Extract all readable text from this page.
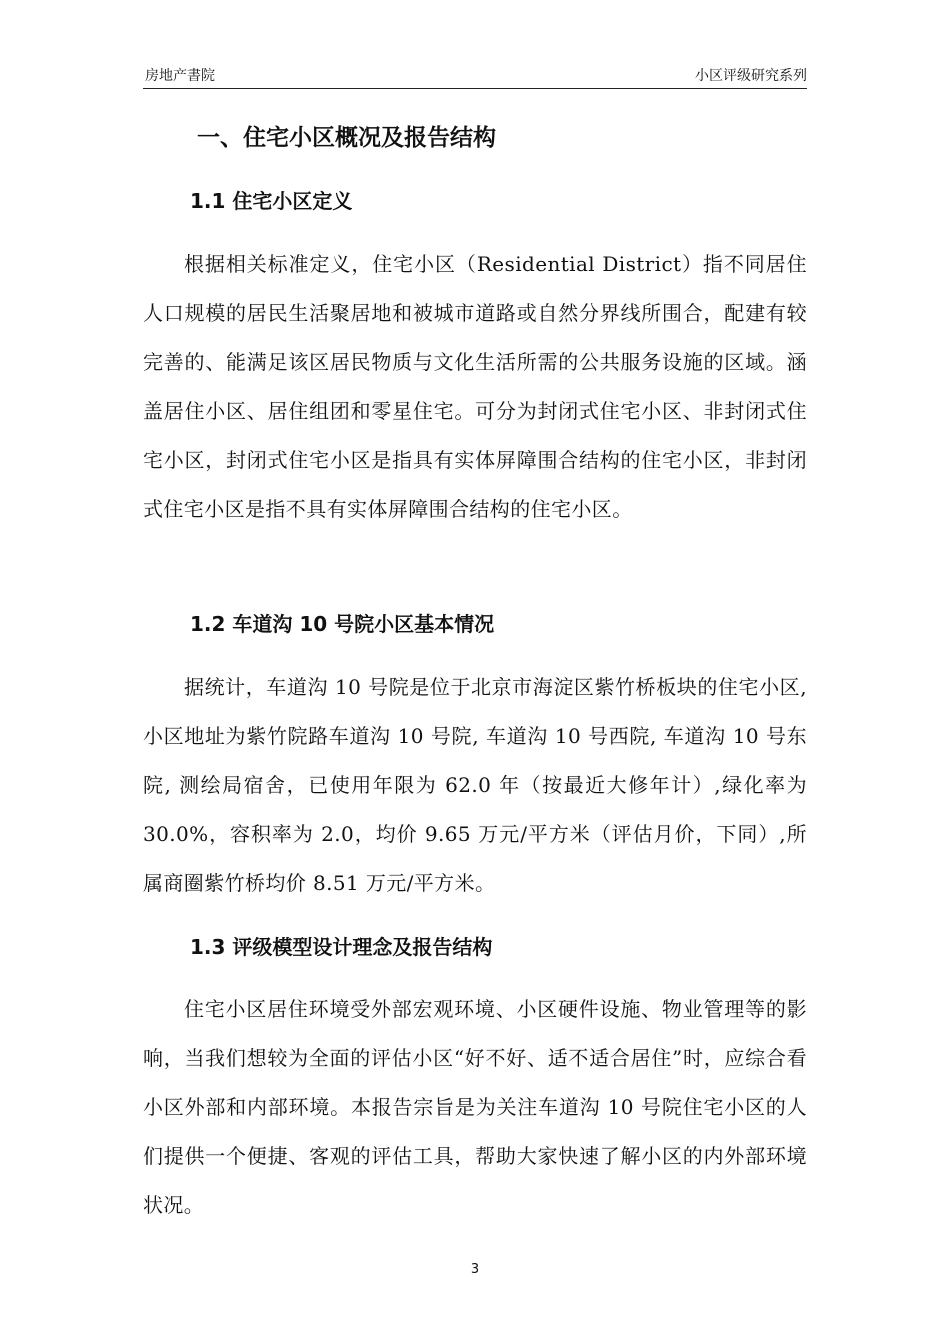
房地产書院	小区评级研究系列
一、住宅小区概况及报告结构
1.1 住宅小区定义
根据相关标准定义，住宅小区（Residential District）指不同居住人口规模的居民生活聚居地和被城市道路或自然分界线所围合，配建有较完善的、能满足该区居民物质与文化生活所需的公共服务设施的区域。涵盖居住小区、居住组团和零星住宅。可分为封闭式住宅小区、非封闭式住宅小区，封闭式住宅小区是指具有实体屏障围合结构的住宅小区，非封闭式住宅小区是指不具有实体屏障围合结构的住宅小区。
1.2 车道沟 10 号院小区基本情况
据统计，车道沟 10 号院是位于北京市海淀区紫竹桥板块的住宅小区,小区地址为紫竹院路车道沟 10 号院, 车道沟 10 号西院, 车道沟 10 号东院, 测绘局宿舍，已使用年限为 62.0 年（按最近大修年计）,绿化率为 30.0%，容积率为 2.0，均价 9.65 万元/平方米（评估月价，下同）,所属商圈紫竹桥均价 8.51 万元/平方米。
1.3 评级模型设计理念及报告结构
住宅小区居住环境受外部宏观环境、小区硬件设施、物业管理等的影响，当我们想较为全面的评估小区“好不好、适不适合居住”时，应综合看小区外部和内部环境。本报告宗旨是为关注车道沟 10 号院住宅小区的人们提供一个便捷、客观的评估工具，帮助大家快速了解小区的内外部环境状况。
3
